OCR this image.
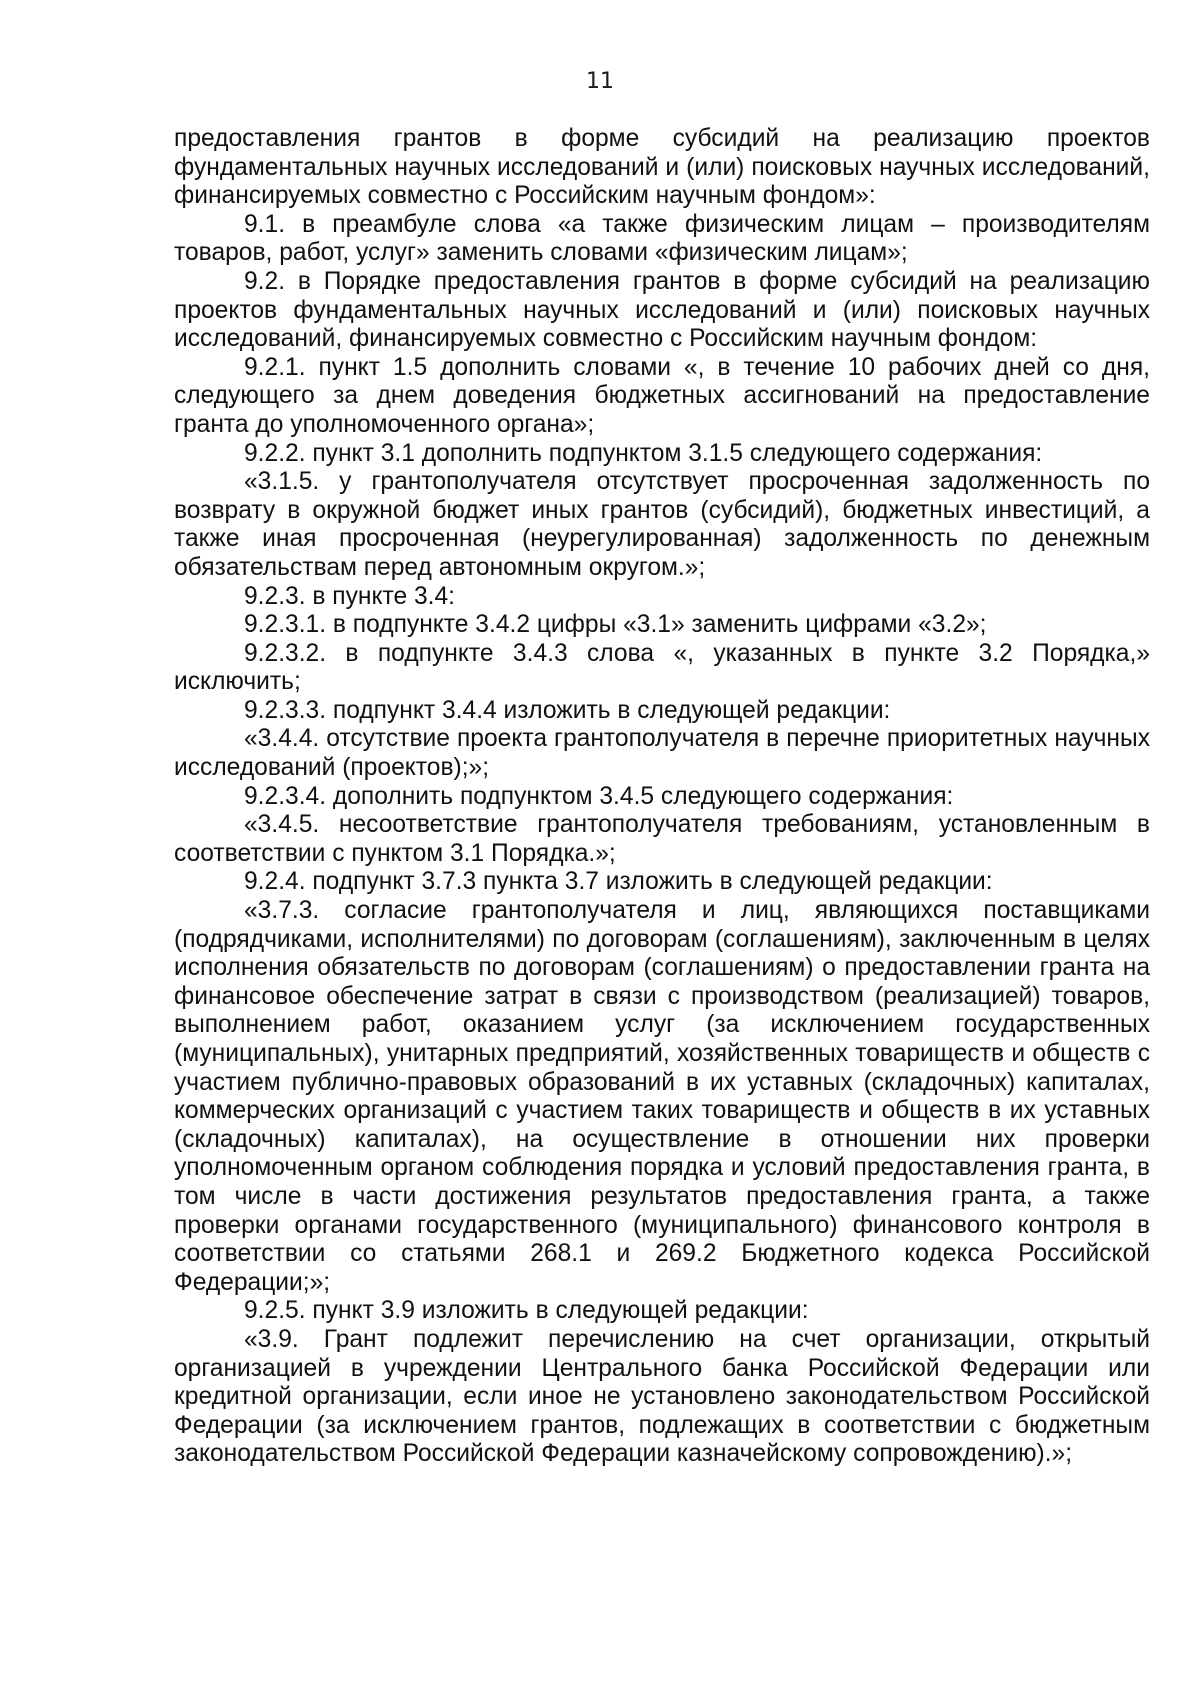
11

предоставления грантов в форме субсидий на реализацию проектов фундаментальных научных исследований и (или) поисковых научных исследований, финансируемых совместно с Российским научным фондом»:

9.1. в преамбуле слова «а также физическим лицам – производителям товаров, работ, услуг» заменить словами «физическим лицам»;

9.2. в Порядке предоставления грантов в форме субсидий на реализацию проектов фундаментальных научных исследований и (или) поисковых научных исследований, финансируемых совместно с Российским научным фондом:

9.2.1. пункт 1.5 дополнить словами «, в течение 10 рабочих дней со дня, следующего за днем доведения бюджетных ассигнований на предоставление гранта до уполномоченного органа»;

9.2.2. пункт 3.1 дополнить подпунктом 3.1.5 следующего содержания:

«3.1.5. у грантополучателя отсутствует просроченная задолженность по возврату в окружной бюджет иных грантов (субсидий), бюджетных инвестиций, а также иная просроченная (неурегулированная) задолженность по денежным обязательствам перед автономным округом.»;

9.2.3. в пункте 3.4:

9.2.3.1. в подпункте 3.4.2 цифры «3.1» заменить цифрами «3.2»;

9.2.3.2. в подпункте 3.4.3 слова «, указанных в пункте 3.2 Порядка,» исключить;

9.2.3.3. подпункт 3.4.4 изложить в следующей редакции:

«3.4.4. отсутствие проекта грантополучателя в перечне приоритетных научных исследований (проектов);»;

9.2.3.4. дополнить подпунктом 3.4.5 следующего содержания:

«3.4.5. несоответствие грантополучателя требованиям, установленным в соответствии с пунктом 3.1 Порядка.»;

9.2.4. подпункт 3.7.3 пункта 3.7 изложить в следующей редакции:

«3.7.3. согласие грантополучателя и лиц, являющихся поставщиками (подрядчиками, исполнителями) по договорам (соглашениям), заключенным в целях исполнения обязательств по договорам (соглашениям) о предоставлении гранта на финансовое обеспечение затрат в связи с производством (реализацией) товаров, выполнением работ, оказанием услуг (за исключением государственных (муниципальных), унитарных предприятий, хозяйственных товариществ и обществ с участием публично-правовых образований в их уставных (складочных) капиталах, коммерческих организаций с участием таких товариществ и обществ в их уставных (складочных) капиталах), на осуществление в отношении них проверки уполномоченным органом соблюдения порядка и условий предоставления гранта, в том числе в части достижения результатов предоставления гранта, а также проверки органами государственного (муниципального) финансового контроля в соответствии со статьями 268.1 и 269.2 Бюджетного кодекса Российской Федерации;»;

9.2.5. пункт 3.9 изложить в следующей редакции:

«3.9. Грант подлежит перечислению на счет организации, открытый организацией в учреждении Центрального банка Российской Федерации или кредитной организации, если иное не установлено законодательством Российской Федерации (за исключением грантов, подлежащих в соответствии с бюджетным законодательством Российской Федерации казначейскому сопровождению).»;
